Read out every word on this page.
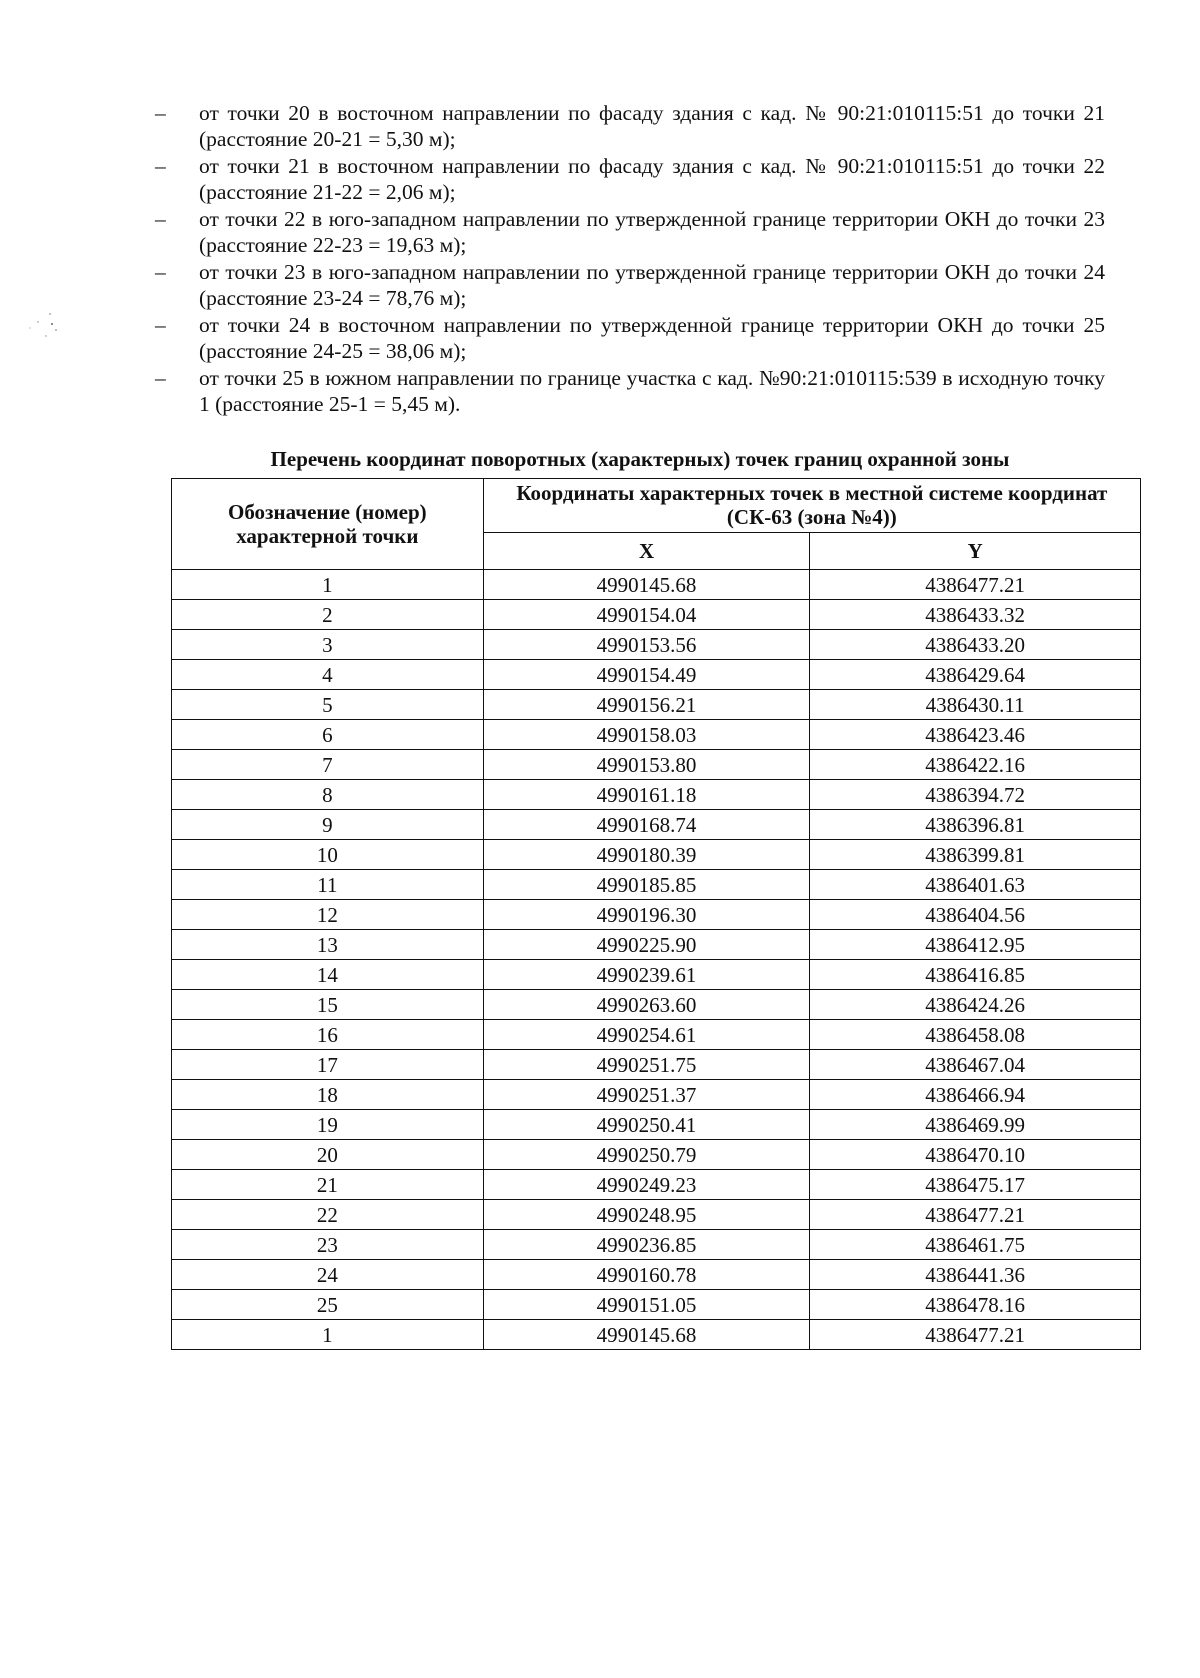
– от точки 20 в восточном направлении по фасаду здания с кад. № 90:21:010115:51 до точки 21 (расстояние 20-21 = 5,30 м);
– от точки 21 в восточном направлении по фасаду здания с кад. № 90:21:010115:51 до точки 22 (расстояние 21-22 = 2,06 м);
– от точки 22 в юго-западном направлении по утвержденной границе территории ОКН до точки 23 (расстояние 22-23 = 19,63 м);
– от точки 23 в юго-западном направлении по утвержденной границе территории ОКН до точки 24 (расстояние 23-24 = 78,76 м);
– от точки 24 в восточном направлении по утвержденной границе территории ОКН до точки 25 (расстояние 24-25 = 38,06 м);
– от точки 25 в южном направлении по границе участка с кад. №90:21:010115:539 в исходную точку 1 (расстояние 25-1 = 5,45 м).
Перечень координат поворотных (характерных) точек границ охранной зоны
Обозначение (номер) характерной точки	Координаты характерных точек в местной системе координат (СК-63 (зона №4))	
	X	Y
1	4990145.68	4386477.21
2	4990154.04	4386433.32
3	4990153.56	4386433.20
4	4990154.49	4386429.64
5	4990156.21	4386430.11
6	4990158.03	4386423.46
7	4990153.80	4386422.16
8	4990161.18	4386394.72
9	4990168.74	4386396.81
10	4990180.39	4386399.81
11	4990185.85	4386401.63
12	4990196.30	4386404.56
13	4990225.90	4386412.95
14	4990239.61	4386416.85
15	4990263.60	4386424.26
16	4990254.61	4386458.08
17	4990251.75	4386467.04
18	4990251.37	4386466.94
19	4990250.41	4386469.99
20	4990250.79	4386470.10
21	4990249.23	4386475.17
22	4990248.95	4386477.21
23	4990236.85	4386461.75
24	4990160.78	4386441.36
25	4990151.05	4386478.16
1	4990145.68	4386477.21
